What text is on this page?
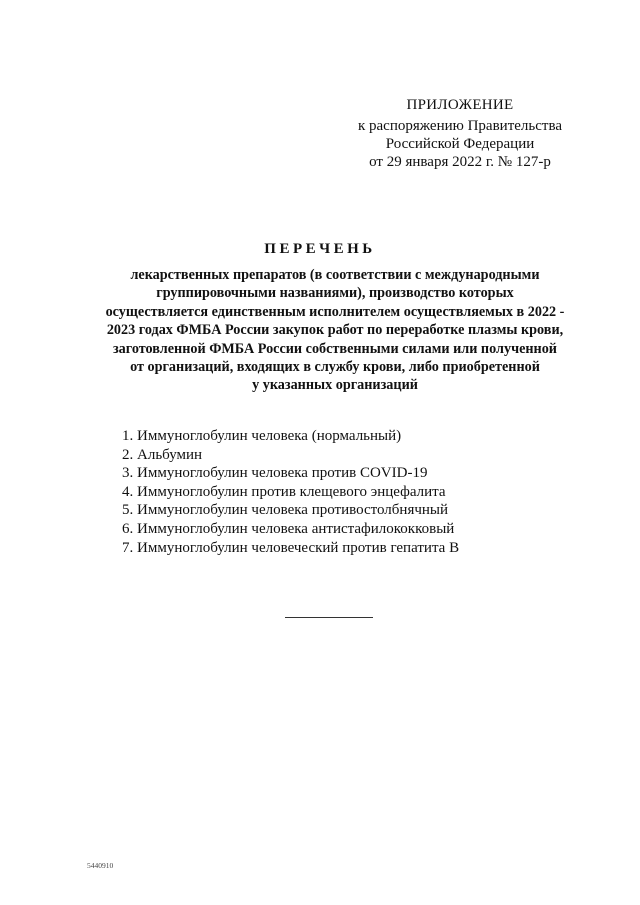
ПРИЛОЖЕНИЕ
к распоряжению Правительства
Российской Федерации
от 29 января 2022 г. № 127-р
ПЕРЕЧЕНЬ
лекарственных препаратов (в соответствии с международными
группировочными названиями), производство которых
осуществляется единственным исполнителем осуществляемых в 2022 -
2023 годах ФМБА России закупок работ по переработке плазмы крови,
заготовленной ФМБА России собственными силами или полученной
от организаций, входящих в службу крови, либо приобретенной
у указанных организаций
1. Иммуноглобулин человека (нормальный)
2. Альбумин
3. Иммуноглобулин человека против COVID-19
4. Иммуноглобулин против клещевого энцефалита
5. Иммуноглобулин человека противостолбнячный
6. Иммуноглобулин человека антистафилококковый
7. Иммуноглобулин человеческий против гепатита В
5440910
